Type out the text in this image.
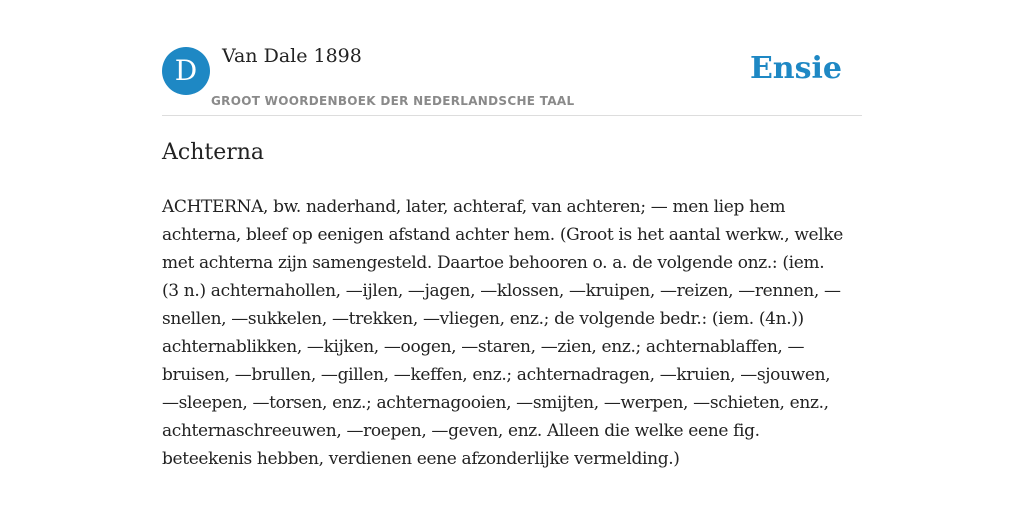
D	Van Dale 1898
GROOT WOORDENBOEK DER NEDERLANDSCHE TAAL
Ensie
Achterna
ACHTERNA, bw. naderhand, later, achteraf, van achteren; — men liep hem
achterna, bleef op eenigen afstand achter hem. (Groot is het aantal werkw., welke
met achterna zijn samengesteld. Daartoe behooren o. a. de volgende onz.: (iem.
(3 n.) achternahollen, —ijlen, —jagen, —klossen, —kruipen, —reizen, —rennen, —
snellen, —sukkelen, —trekken, —vliegen, enz.; de volgende bedr.: (iem. (4n.))
achternablikken, —kijken, —oogen, —staren, —zien, enz.; achternablaffen, —
bruisen, —brullen, —gillen, —keffen, enz.; achternadragen, —kruien, —sjouwen,
—sleepen, —torsen, enz.; achternagooien, —smijten, —werpen, —schieten, enz.,
achternaschreeuwen, —roepen, —geven, enz. Alleen die welke eene fig.
beteekenis hebben, verdienen eene afzonderlijke vermelding.)
